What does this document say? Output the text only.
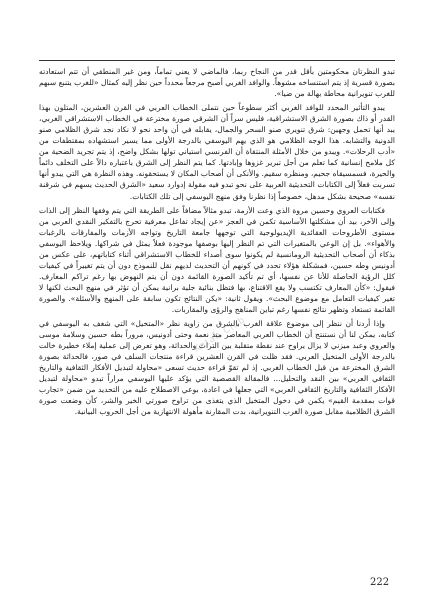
تبدو النظرتان محكومتين بأقل قدر من النجاح ربما، فالماضي لا يعني تماماً، ومن غير المنطقي أن تتم استعادته بصورة قسرية إذ يتم استنساخه مشوهاً. والوافد الغربي أصبح مرجعاً محدداً حين نظر إليه كمثال «للغرب يتنبع سبهم للغرب تنويرانية محاطة بهالة من ضيا».

يبدو التأثير المحدد للوافد الغربي أكثر سطوعاً حين نتملى الخطاب العربي في القرن العشرين، المتلون بهذا القدر أو ذاك بصورة الشرق الاستشراقية، فليس سراً أن الشرقي صورة مخترعة في الخطاب الاستشراقي الغربي، يبد أنها تحمل وجهين: شرق تنويري صنو السحر والجمال، يقابله في أن واحد نحو لا نكاد نجد شرق الظلامي صنو الدونية والتشابه. هذا الوجه الظلامي هو الذي يهم اليوسفي بالدرجة الأولى مما يسير استشهاده بمقتطفات من «أدب الرحلات». ويبدو من خلال الأمثلة المنتقاة أن الفرنسي استياني تولها بشكل واضح، إذ يتم تجريد الضحية من كل ملامح إنسانية كما تعلم من أجل تبرير غزوها وإبادتها. كما يتم النظر إلى الشرق باعتباره دالاً على التخلف دائماً والحيرة، فسمسيقاه جحيم، ومنظره سقيم. والأنكى أن أصحاب المكان لا يستحقونه. وهذه النظرة هي التي يبدو أنها تسربت فعلاً إلى الكتابات التحديثية العربية على نحو تبدو فيه مقولة إدوارد سعيد «الشرق الحديث يسهم في شرقنة نفسه» صحيحة بشكل مدهل، خصوصاً إذا نظرنا وفق منهج اليوسفي إلى تلك الكتابات.

فكتابات العروي وحسين مروة الذي وعت الأزمة، تبدو مثالاً مضافاً على الطريقة التي يتم وفقها النظر إلى الذات وإلى الآخر، بيد أن مشكلتها الأساسية تكمن في العجز «عن إيجاد تفاعل معرفية تحرج بالتفكير النقدي العربي من مستوى الأطروحات العقائدية الإيديولوجية التي توجهها جامعة التاريخ وتواجه الأزمات والمفارقات بالرغبات والأهواء». بل إن الوعي بالمتغيرات التي تم النظر إليها بوصفها موجودة فعلاً يمثل في شراكها. ويلاحظ اليوسفي بذكاء أن أصحاب التحديثية الرومانسية لم يكونوا سوى أصداء للخطاب الاستشراقي أثناء كتاباتهم، على عكس من أدونيس وطه حسين، فمشكلة هؤلاء تحدد في كونهم أن التحديث لديهم نقل للنموذج دون أن يتم تغييراً في كيفيات كلل الرؤية الحاصلة للأنا عن نفسها، أي تم تأكيد الصورة القائمة دون أن يتم النهوض بها رغم تراكم المعارف. فيقول: «كأن المعارف تكتسب ولا يقع الاقتناع، بها فتظل بنائية جلية برانية يمكن أن تؤثر في منهج البحث لكنها لا تغير كيفيات التعامل مع موضوع البحث». ويقول ثانية: «يكن النتائج تكون سابقة على المنهج والأسئلة». والصورة القاتمة تستعاد وتظهر نتائج نفسها رغم تباين المناهج والرؤى والمقاربات.

وإذا أردنا أن ننظر إلى موضوع علاقة الغرب بالشرق من زاوية نظر «المتخيل» التي شغف به اليوسفي في كتابه، يمكن لنا أن نستنتج أن الخطاب العربي المعاصر منذ نعمة وحتى أدونيس، مروراً بطه حسين وسلامة موسى والعروي وعبد ميزني لا يزال يراوح عند نقطة متقلبة بين التراث والحداثة، وهو تعرض إلى عملية إملاء خطيرة خالت بالدرجة الأولى المتخيل العربي. فقد ظلت في القرن العشرين قراءة منتجات السلف في صور، فالحداثة بصورة الشرق المخترعة من قبل الخطاب الغربي. إذ لم تقوّ قراءة حديث تسعى «محاولة لتبديل الأفكار الثقافية والتاريخ الثقافي العربي» بين النقد والتحليل... فالمقالة القصصية التي يؤكد عليها اليوسفي مراراً تبدو «محاولة لتبديل الأفكار الثقافية والتاريخ الثقافي العربي» التي جعلها في اعادة، بوعي الاصطلاح عليه من التحديد من ضمن «تجارب قوات بمقدمة القيم» يكمن في دخول المتخيل الذي يتغذى من تراوح صورتي الخير والشر، كأن وضعت صورة الشرق الظلامية مقابل صورة الغرب التنويرانية، بدت المقارنة مأهولة الانتهازية من أجل الحروب البيانية.

Ketab Club
222
